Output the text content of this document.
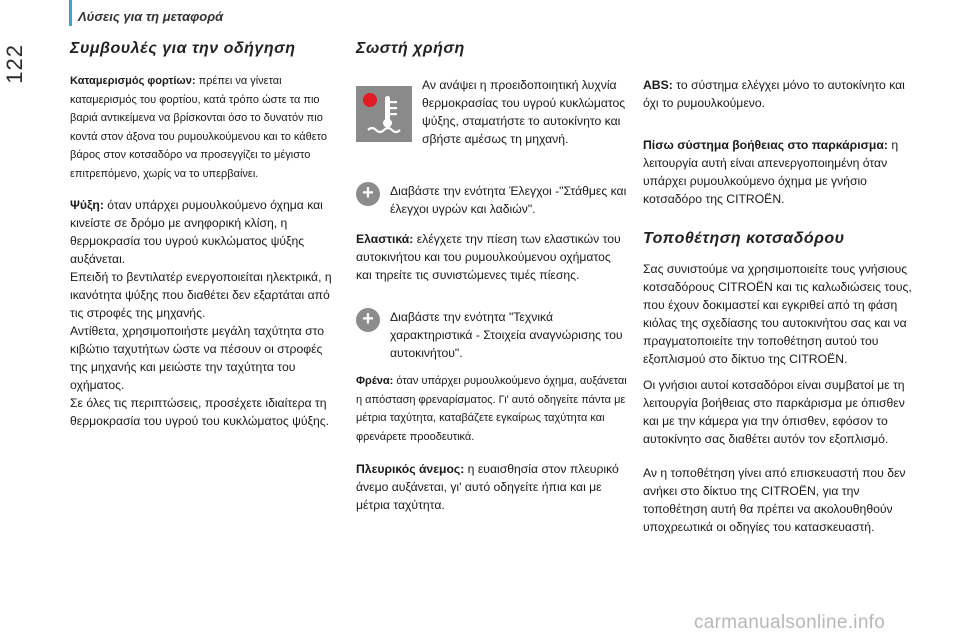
122
Λύσεις για τη μεταφορά
Συμβουλές για την οδήγηση

Καταμερισμός φορτίων: πρέπει να γίνεται καταμερισμός του φορτίου, κατά τρόπο ώστε τα πιο βαριά αντικείμενα να βρίσκονται όσο το δυνατόν πιο κοντά στον άξονα του ρυμουλκούμενου και το κάθετο βάρος στον κοτσαδόρο να προσεγγίζει το μέγιστο επιτρεπόμενο, χωρίς να το υπερβαίνει.

Ψύξη: όταν υπάρχει ρυμουλκούμενο όχημα και κινείστε σε δρόμο με ανηφορική κλίση, η θερμοκρασία του υγρού κυκλώματος ψύξης αυξάνεται.

Επειδή το βεντιλατέρ ενεργοποιείται ηλεκτρικά, η ικανότητα ψύξης που διαθέτει δεν εξαρτάται από τις στροφές της μηχανής.

Αντίθετα, χρησιμοποιήστε μεγάλη ταχύτητα στο κιβώτιο ταχυτήτων ώστε να πέσουν οι στροφές της μηχανής και μειώστε την ταχύτητα του οχήματος.

Σε όλες τις περιπτώσεις, προσέχετε ιδιαίτερα τη θερμοκρασία του υγρού του κυκλώματος ψύξης.

Σωστή χρήση

Αν ανάψει η προειδοποιητική λυχνία θερμοκρασίας του υγρού κυκλώματος ψύξης, σταματήστε το αυτοκίνητο και σβήστε αμέσως τη μηχανή.

+	Διαβάστε την ενότητα Έλεγχοι -"Στάθμες και έλεγχοι υγρών και λαδιών".

Ελαστικά: ελέγχετε την πίεση των ελαστικών του αυτοκινήτου και του ρυμουλκούμενου οχήματος και τηρείτε τις συνιστώμενες τιμές πίεσης.

+	Διαβάστε την ενότητα "Τεχνικά χαρακτηριστικά - Στοιχεία αναγνώρισης του αυτοκινήτου".

Φρένα: όταν υπάρχει ρυμουλκούμενο όχημα, αυξάνεται η απόσταση φρεναρίσματος. Γι' αυτό οδηγείτε πάντα με μέτρια ταχύτητα, καταβάζετε εγκαίρως ταχύτητα και φρενάρετε προοδευτικά.

Πλευρικός άνεμος: η ευαισθησία στον πλευρικό άνεμο αυξάνεται, γι' αυτό οδηγείτε ήπια και με μέτρια ταχύτητα.

ABS: το σύστημα ελέγχει μόνο το αυτοκίνητο και όχι το ρυμουλκούμενο.

Πίσω σύστημα βοήθειας στο παρκάρισμα: η λειτουργία αυτή είναι απενεργοποιημένη όταν υπάρχει ρυμουλκούμενο όχημα με γνήσιο κοτσαδόρο της CITROËN.

Τοποθέτηση κοτσαδόρου

Σας συνιστούμε να χρησιμοποιείτε τους γνήσιους κοτσαδόρους CITROËN και τις καλωδιώσεις τους, που έχουν δοκιμαστεί και εγκριθεί από τη φάση κιόλας της σχεδίασης του αυτοκινήτου σας και να πραγματοποιείτε την τοποθέτηση αυτού του εξοπλισμού στο δίκτυο της CITROËN.

Οι γνήσιοι αυτοί κοτσαδόροι είναι συμβατοί με τη λειτουργία βοήθειας στο παρκάρισμα με όπισθεν και με την κάμερα για την όπισθεν, εφόσον το αυτοκίνητο σας διαθέτει αυτόν τον εξοπλισμό.

Αν η τοποθέτηση γίνει από επισκευαστή που δεν ανήκει στο δίκτυο της CITROËN, για την τοποθέτηση αυτή θα πρέπει να ακολουθηθούν υποχρεωτικά οι οδηγίες του κατασκευαστή.

carmanualsonline.info
